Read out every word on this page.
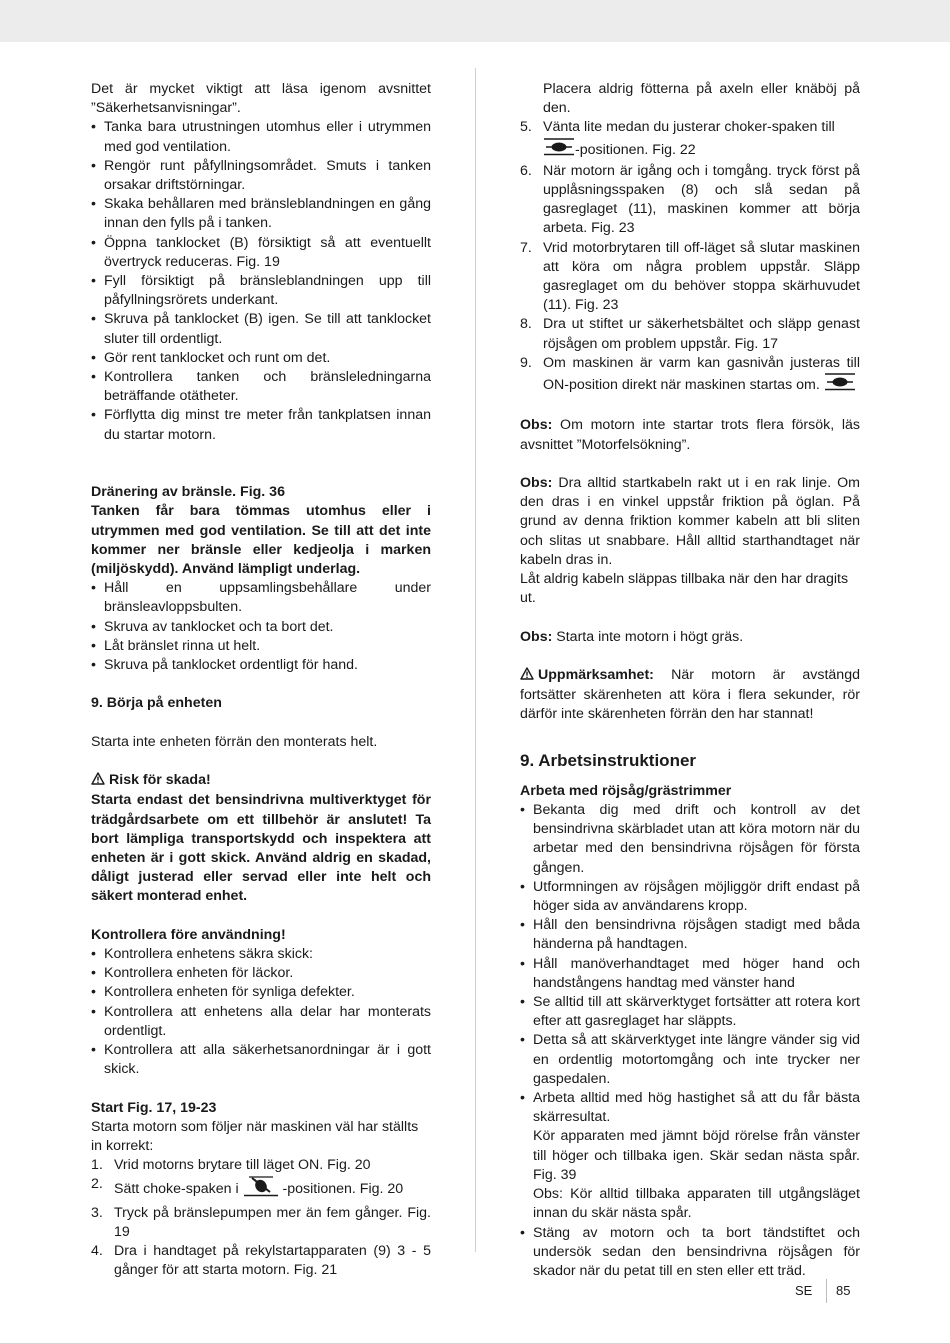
Det är mycket viktigt att läsa igenom avsnittet ”Säkerhetsanvisningar”.

• Tanka bara utrustningen utomhus eller i utrymmen med god ventilation.
• Rengör runt påfyllningsområdet. Smuts i tanken orsakar driftstörningar.
• Skaka behållaren med bränsleblandningen en gång innan den fylls på i tanken.
• Öppna tanklocket (B) försiktigt så att eventuellt övertryck reduceras. Fig. 19
• Fyll försiktigt på bränsleblandningen upp till påfyllningsrörets underkant.
• Skruva på tanklocket (B) igen. Se till att tanklocket sluter till ordentligt.
• Gör rent tanklocket och runt om det.
• Kontrollera tanken och bränsleledningarna beträffande otätheter.
• Förflytta dig minst tre meter från tankplatsen innan du startar motorn.

Dränering av bränsle. Fig. 36

Tanken får bara tömmas utomhus eller i utrymmen med god ventilation. Se till att det inte kommer ner bränsle eller kedjeolja i marken (miljöskydd). Använd lämpligt underlag.

• Håll en uppsamlingsbehållare under bränsleavloppsbulten.
• Skruva av tanklocket och ta bort det.
• Låt bränslet rinna ut helt.
• Skruva på tanklocket ordentligt för hand.

9. Börja på enheten

Starta inte enheten förrän den monterats helt.

Risk för skada!

Starta endast det bensindrivna multiverktyget för trädgårdsarbete om ett tillbehör är anslutet! Ta bort lämpliga transportskydd och inspektera att enheten är i gott skick. Använd aldrig en skadad, dåligt justerad eller servad eller inte helt och säkert monterad enhet.

Kontrollera före användning!

• Kontrollera enhetens säkra skick:
• Kontrollera enheten för läckor.
• Kontrollera enheten för synliga defekter.
• Kontrollera att enhetens alla delar har monterats ordentligt.
• Kontrollera att alla säkerhetsanordningar är i gott skick.

Start Fig. 17, 19-23

Starta motorn som följer när maskinen väl har ställts in korrekt:

1. Vrid motorns brytare till läget ON. Fig. 20
2. Sätt choke-spaken i	-positionen. Fig. 20
3. Tryck på bränslepumpen mer än fem gånger. Fig. 19
4. Dra i handtaget på rekylstartapparaten (9) 3 - 5 gånger för att starta motorn. Fig. 21

Placera aldrig fötterna på axeln eller knäböj på den.

5. Vänta lite medan du justerar choker-spaken till
-positionen. Fig. 22
6. När motorn är igång och i tomgång. tryck först på upplåsningsspaken (8) och slå sedan på gasreglaget (11), maskinen kommer att börja arbeta. Fig. 23
7. Vrid motorbrytaren till off-läget så slutar maskinen att köra om några problem uppstår. Släpp gasreglaget om du behöver stoppa skärhuvudet (11). Fig. 23
8. Dra ut stiftet ur säkerhetsbältet och släpp genast röjsågen om problem uppstår. Fig. 17
9. Om maskinen är varm kan gasnivån justeras till ON-position direkt när maskinen startas om.

Obs: Om motorn inte startar trots flera försök, läs avsnittet ”Motorfelsökning”.

Obs: Dra alltid startkabeln rakt ut i en rak linje. Om den dras i en vinkel uppstår friktion på öglan. På grund av denna friktion kommer kabeln att bli sliten och slitas ut snabbare. Håll alltid starthandtaget när kabeln dras in.

Låt aldrig kabeln släppas tillbaka när den har dragits ut.

Obs: Starta inte motorn i högt gräs.

Uppmärksamhet: När motorn är avstängd fortsätter skärenheten att köra i flera sekunder, rör därför inte skärenheten förrän den har stannat!

9. Arbetsinstruktioner

Arbeta med röjsåg/grästrimmer

• Bekanta dig med drift och kontroll av det bensindrivna skärbladet utan att köra motorn när du arbetar med den bensindrivna röjsågen för första gången.
• Utformningen av röjsågen möjliggör drift endast på höger sida av användarens kropp.
• Håll den bensindrivna röjsågen stadigt med båda händerna på handtagen.
• Håll manöverhandtaget med höger hand och handstångens handtag med vänster hand
• Se alltid till att skärverktyget fortsätter att rotera kort efter att gasreglaget har släppts.
• Detta så att skärverktyget inte längre vänder sig vid en ordentlig motortomgång och inte trycker ner gaspedalen.
• Arbeta alltid med hög hastighet så att du får bästa skärresultat.
Kör apparaten med jämnt böjd rörelse från vänster till höger och tillbaka igen. Skär sedan nästa spår. Fig. 39
Obs: Kör alltid tillbaka apparaten till utgångsläget innan du skär nästa spår.
• Stäng av motorn och ta bort tändstiftet och undersök sedan den bensindrivna röjsågen för skador när du petat till en sten eller ett träd.
SE 85
